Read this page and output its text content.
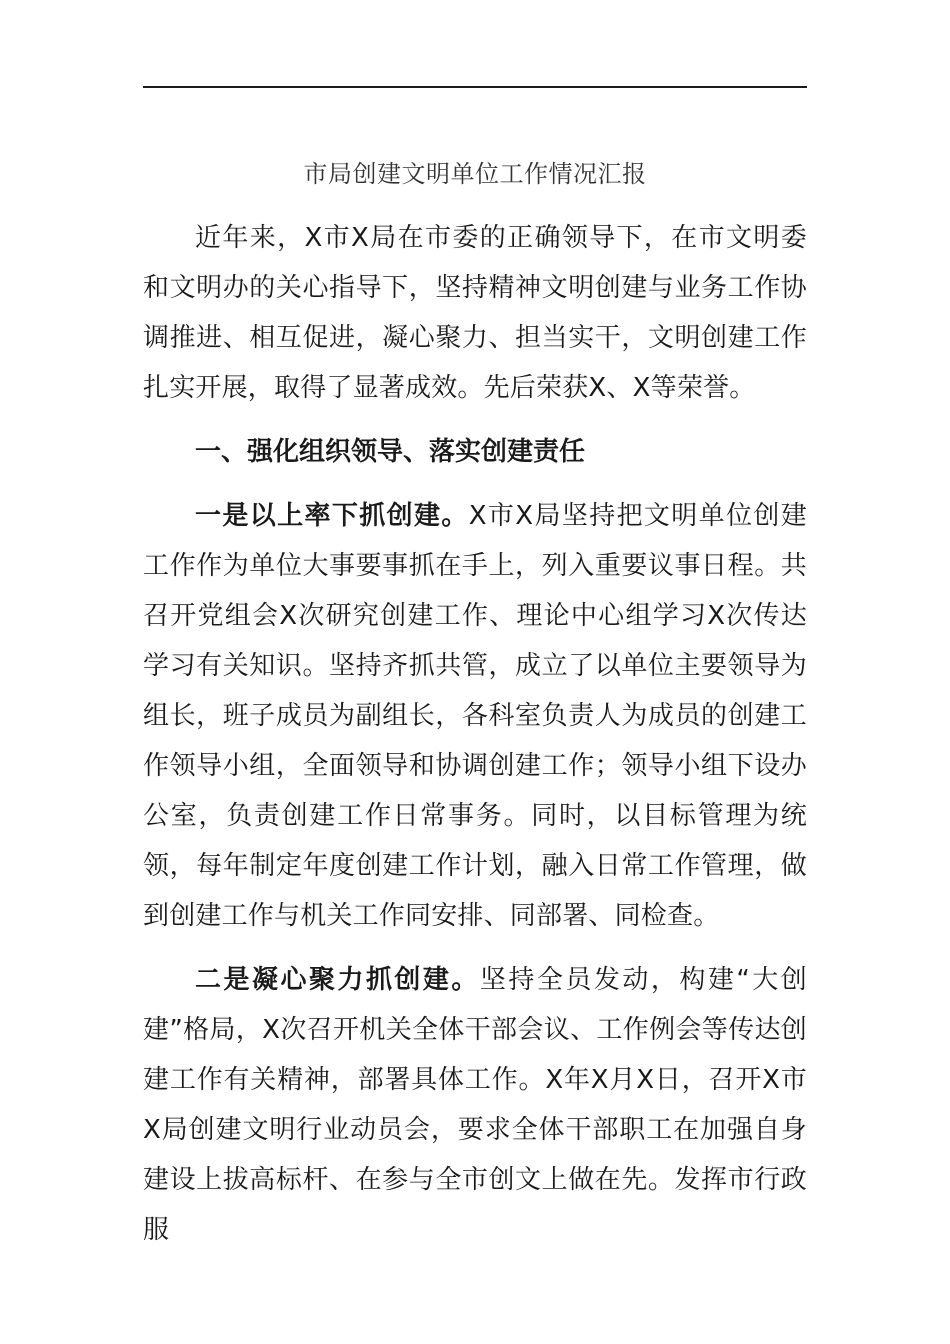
市局创建文明单位工作情况汇报

近年来，X市X局在市委的正确领导下，在市文明委和文明办的关心指导下，坚持精神文明创建与业务工作协调推进、相互促进，凝心聚力、担当实干，文明创建工作扎实开展，取得了显著成效。先后荣获X、X等荣誉。

一、强化组织领导、落实创建责任

一是以上率下抓创建。X市X局坚持把文明单位创建工作作为单位大事要事抓在手上，列入重要议事日程。共召开党组会X次研究创建工作、理论中心组学习X次传达学习有关知识。坚持齐抓共管，成立了以单位主要领导为组长，班子成员为副组长，各科室负责人为成员的创建工作领导小组，全面领导和协调创建工作；领导小组下设办公室，负责创建工作日常事务。同时，以目标管理为统领，每年制定年度创建工作计划，融入日常工作管理，做到创建工作与机关工作同安排、同部署、同检查。

二是凝心聚力抓创建。坚持全员发动，构建“大创建”格局，X次召开机关全体干部会议、工作例会等传达创建工作有关精神，部署具体工作。X年X月X日，召开X市X局创建文明行业动员会，要求全体干部职工在加强自身建设上拔高标杆、在参与全市创文上做在先。发挥市行政服
